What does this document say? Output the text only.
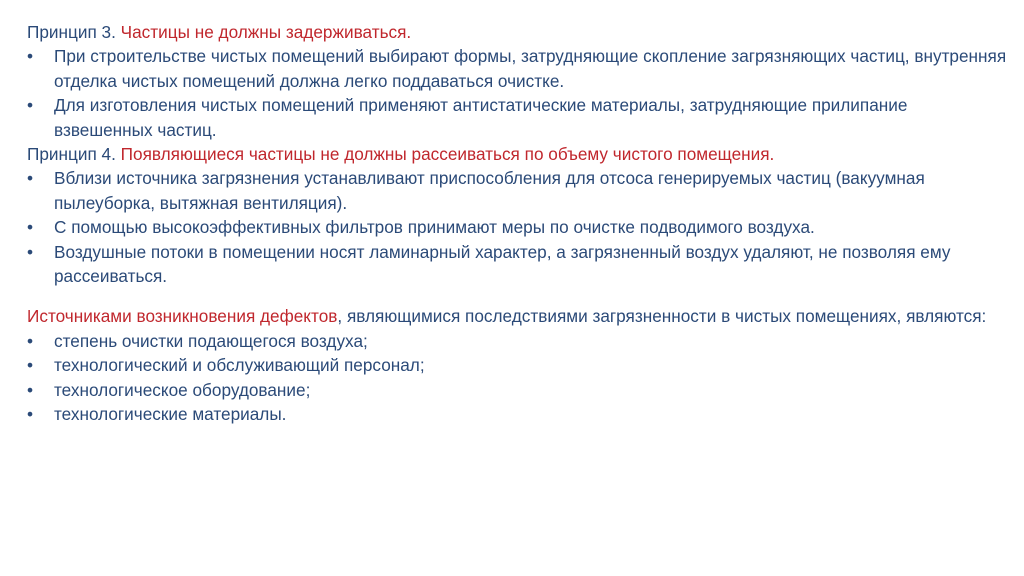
Принцип 3. Частицы не должны задерживаться.

• При строительстве чистых помещений выбирают формы, затрудняющие скопление загрязняющих частиц, внутренняя отделка чистых помещений должна легко поддаваться очистке.
• Для изготовления чистых помещений применяют антистатические материалы, затрудняющие прилипание взвешенных частиц.

Принцип 4. Появляющиеся частицы не должны рассеиваться по объему чистого помещения.

• Вблизи источника загрязнения устанавливают приспособления для отсоса генерируемых частиц (вакуумная пылеуборка, вытяжная вентиляция).
• С помощью высокоэффективных фильтров принимают меры по очистке подводимого воздуха.
• Воздушные потоки в помещении носят ламинарный характер, а загрязненный воздух удаляют, не позволяя ему рассеиваться.

Источниками возникновения дефектов, являющимися последствиями загрязненности в чистых помещениях, являются:

• степень очистки подающегося воздуха;
• технологический и обслуживающий персонал;
• технологическое оборудование;
• технологические материалы.
